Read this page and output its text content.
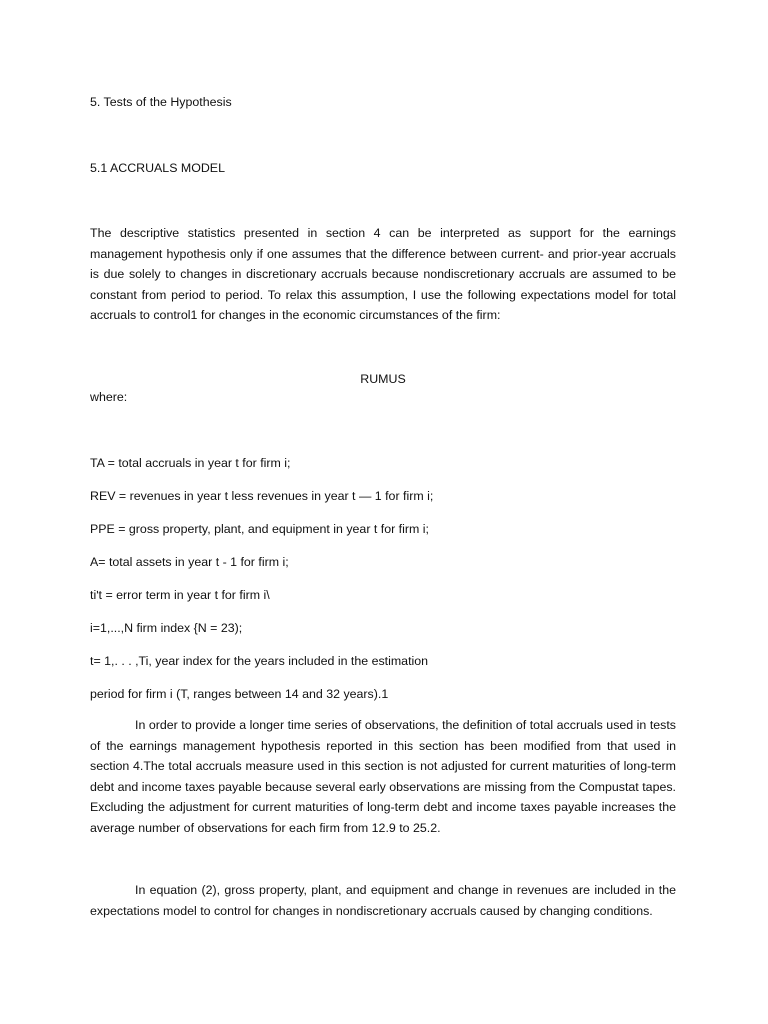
5. Tests of the Hypothesis

5.1 ACCRUALS MODEL

The descriptive statistics presented in section 4 can be interpreted as support for the earnings management hypothesis only if one assumes that the difference between current- and prior-year accruals is due solely to changes in discretionary accruals because nondiscretionary accruals are assumed to be constant from period to period. To relax this assumption, I use the following expectations model for total accruals to control1 for changes in the economic circumstances of the firm:

RUMUS

where:

TA = total accruals in year t for firm i;

REV = revenues in year t less revenues in year t — 1 for firm i;

PPE = gross property, plant, and equipment in year t for firm i;

A= total assets in year t - 1 for firm i;

tiʹt = error term in year t for firm i\

i=1,...,N firm index {N = 23);

t= 1,. . . ,Ti, year index for the years included in the estimation

period for firm i (T, ranges between 14 and 32 years).1

In order to provide a longer time series of observations, the definition of total accruals used in tests of the earnings management hypothesis reported in this section has been modified from that used in section 4.The total accruals measure used in this section is not adjusted for current maturities of long-term debt and income taxes payable because several early observations are missing from the Compustat tapes. Excluding the adjustment for current maturities of long-term debt and income taxes payable increases the average number of observations for each firm from 12.9 to 25.2.

In equation (2), gross property, plant, and equipment and change in revenues are included in the expectations model to control for changes in nondiscretionary accruals caused by changing conditions.
